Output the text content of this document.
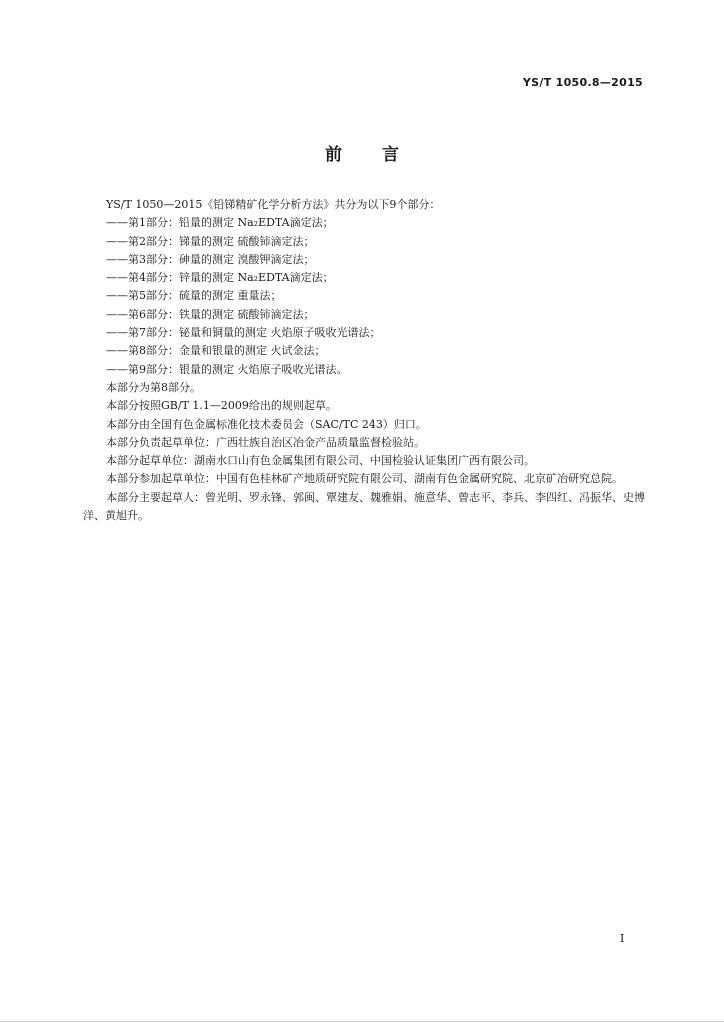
YS/T 1050.8—2015
前言

YS/T 1050—2015《铅锑精矿化学分析方法》共分为以下9个部分：

——第1部分：铅量的测定 Na₂EDTA滴定法；

——第2部分：锑量的测定 硫酸铈滴定法；

——第3部分：砷量的测定 溴酸钾滴定法；

——第4部分：锌量的测定 Na₂EDTA滴定法；

——第5部分：硫量的测定 重量法；

——第6部分：铁量的测定 硫酸铈滴定法；

——第7部分：铋量和铜量的测定 火焰原子吸收光谱法；

——第8部分：金量和银量的测定 火试金法；

——第9部分：银量的测定 火焰原子吸收光谱法。

本部分为第8部分。

本部分按照GB/T 1.1—2009给出的规则起草。

本部分由全国有色金属标准化技术委员会（SAC/TC 243）归口。

本部分负责起草单位：广西壮族自治区冶金产品质量监督检验站。

本部分起草单位：湖南水口山有色金属集团有限公司、中国检验认证集团广西有限公司。

本部分参加起草单位：中国有色桂林矿产地质研究院有限公司、湖南有色金属研究院、北京矿冶研究总院。

本部分主要起草人：曾光明、罗永锋、郭闽、覃建友、魏雅娟、施意华、曾志平、李兵、李四红、冯振华、史博洋、黄旭升。

I
